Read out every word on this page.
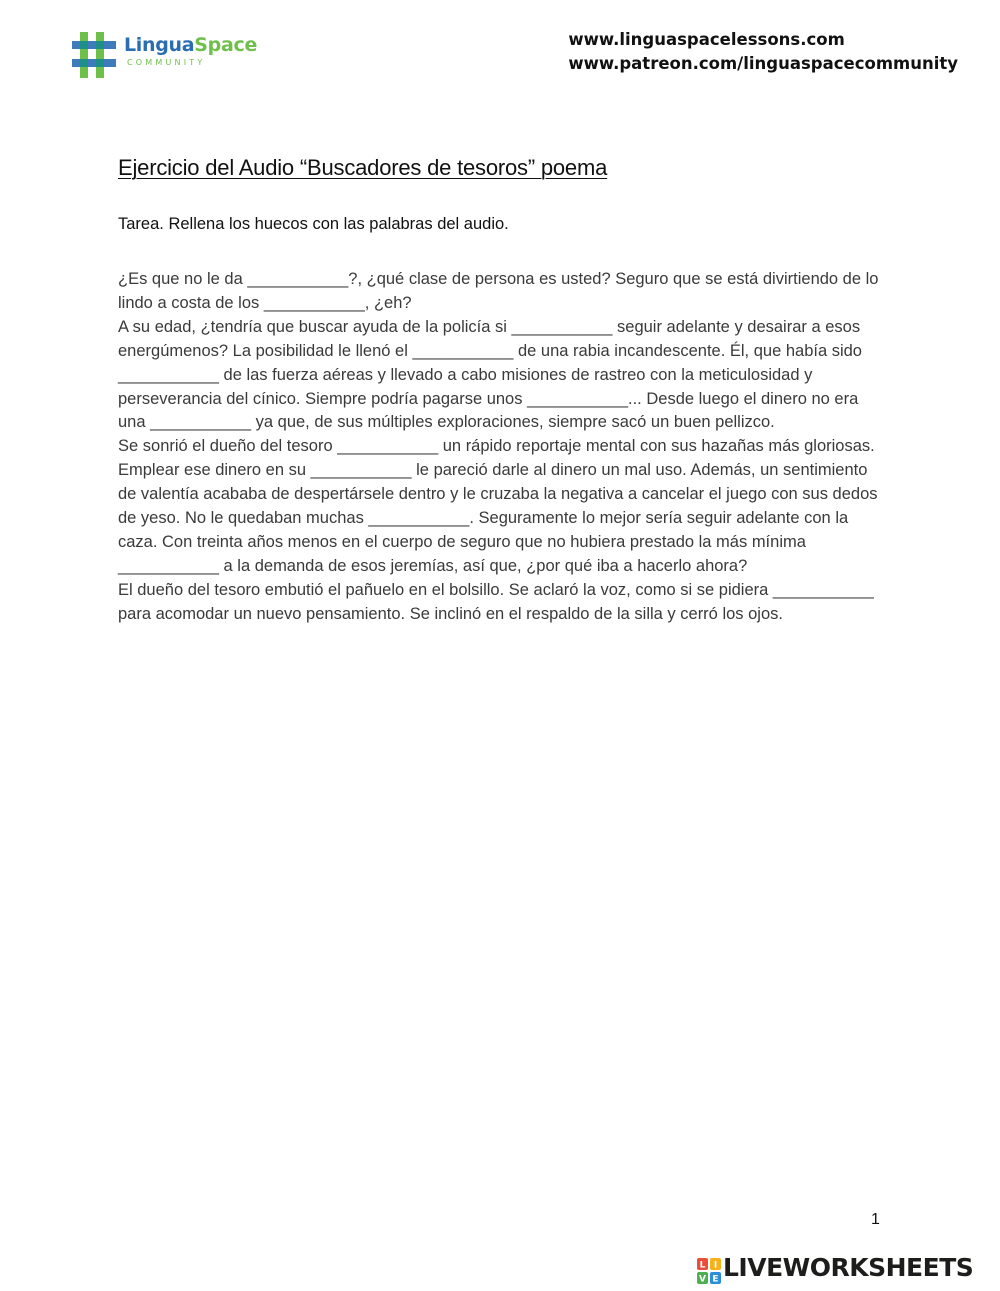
LinguaSpace
COMMUNITY
www.linguaspacelessons.com
www.patreon.com/linguaspacecommunity
Ejercicio del Audio “Buscadores de tesoros” poema
Tarea. Rellena los huecos con las palabras del audio.

¿Es que no le da ___________?, ¿qué clase de persona es usted? Seguro que se está divirtiendo de lo lindo a costa de los ___________, ¿eh?

A su edad, ¿tendría que buscar ayuda de la policía si ___________ seguir adelante y desairar a esos energúmenos? La posibilidad le llenó el ___________ de una rabia incandescente. Él, que había sido ___________ de las fuerza aéreas y llevado a cabo misiones de rastreo con la meticulosidad y perseverancia del cínico. Siempre podría pagarse unos ___________... Desde luego el dinero no era una ___________ ya que, de sus múltiples exploraciones, siempre sacó un buen pellizco.

Se sonrió el dueño del tesoro ___________ un rápido reportaje mental con sus hazañas más gloriosas.

Emplear ese dinero en su ___________ le pareció darle al dinero un mal uso. Además, un sentimiento de valentía acababa de despertársele dentro y le cruzaba la negativa a cancelar el juego con sus dedos de yeso. No le quedaban muchas ___________. Seguramente lo mejor sería seguir adelante con la caza. Con treinta años menos en el cuerpo de seguro que no hubiera prestado la más mínima ___________ a la demanda de esos jeremías, así que, ¿por qué iba a hacerlo ahora?

El dueño del tesoro embutió el pañuelo en el bolsillo. Se aclaró la voz, como si se pidiera ___________ para acomodar un nuevo pensamiento. Se inclinó en el respaldo de la silla y cerró los ojos.

1
L I
V E LIVEWORKSHEETS
